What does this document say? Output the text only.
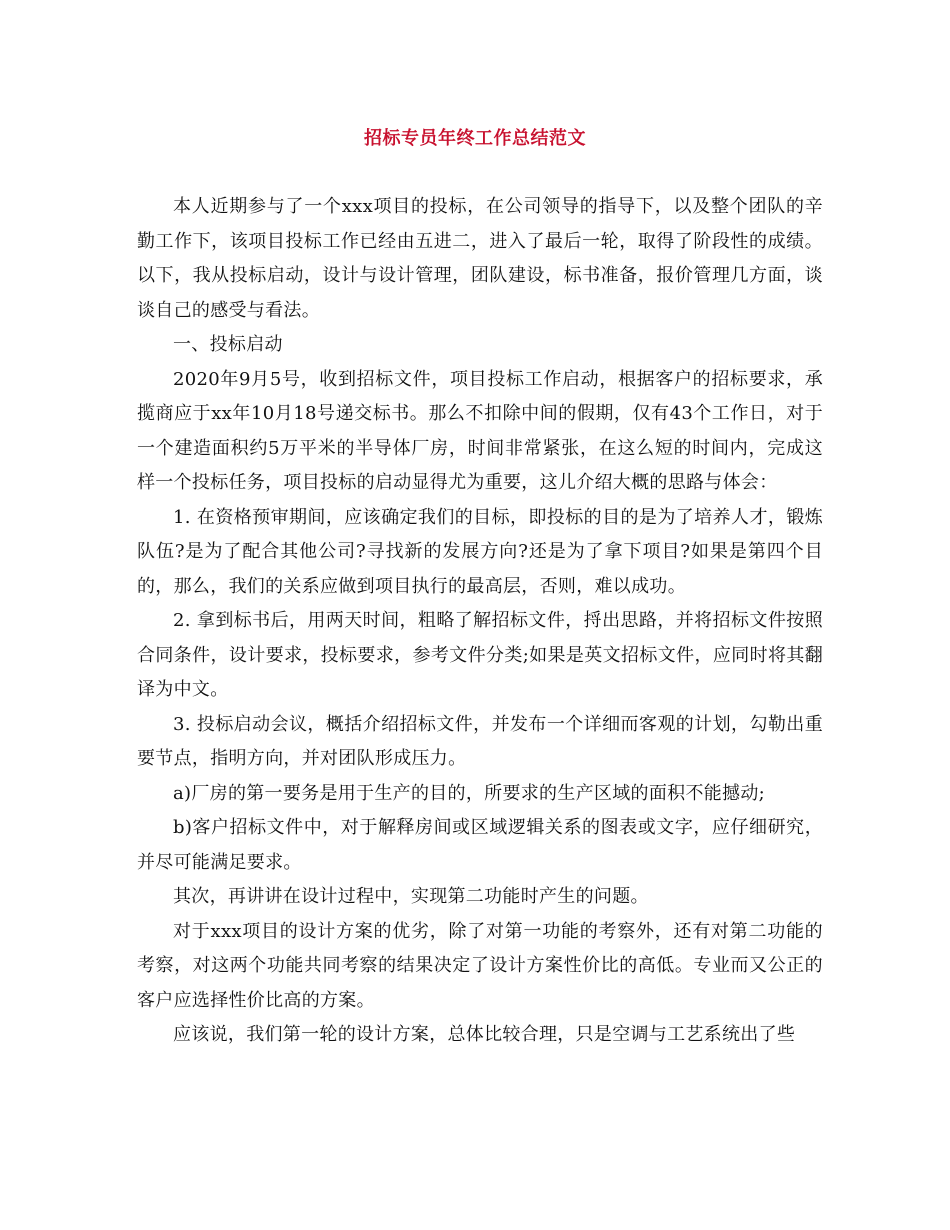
招标专员年终工作总结范文

本人近期参与了一个xxx项目的投标，在公司领导的指导下，以及整个团队的辛勤工作下，该项目投标工作已经由五进二，进入了最后一轮，取得了阶段性的成绩。以下，我从投标启动，设计与设计管理，团队建设，标书准备，报价管理几方面，谈谈自己的感受与看法。

一、投标启动

2020年9月5号，收到招标文件，项目投标工作启动，根据客户的招标要求，承揽商应于xx年10月18号递交标书。那么不扣除中间的假期，仅有43个工作日，对于一个建造面积约5万平米的半导体厂房，时间非常紧张，在这么短的时间内，完成这样一个投标任务，项目投标的启动显得尤为重要，这儿介绍大概的思路与体会：

1. 在资格预审期间，应该确定我们的目标，即投标的目的是为了培养人才，锻炼队伍?是为了配合其他公司?寻找新的发展方向?还是为了拿下项目?如果是第四个目的，那么，我们的关系应做到项目执行的最高层，否则，难以成功。

2. 拿到标书后，用两天时间，粗略了解招标文件，捋出思路，并将招标文件按照合同条件，设计要求，投标要求，参考文件分类;如果是英文招标文件，应同时将其翻译为中文。

3. 投标启动会议，概括介绍招标文件，并发布一个详细而客观的计划，勾勒出重要节点，指明方向，并对团队形成压力。

a)厂房的第一要务是用于生产的目的，所要求的生产区域的面积不能撼动;

b)客户招标文件中，对于解释房间或区域逻辑关系的图表或文字，应仔细研究，并尽可能满足要求。

其次，再讲讲在设计过程中，实现第二功能时产生的问题。

对于xxx项目的设计方案的优劣，除了对第一功能的考察外，还有对第二功能的考察，对这两个功能共同考察的结果决定了设计方案性价比的高低。专业而又公正的客户应选择性价比高的方案。

应该说，我们第一轮的设计方案，总体比较合理，只是空调与工艺系统出了些
